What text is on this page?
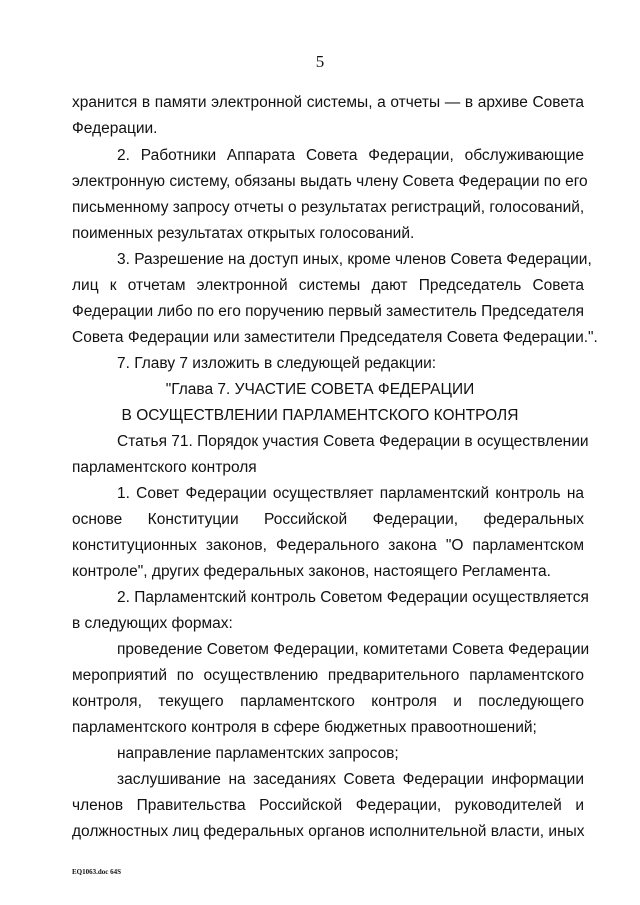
5
хранится в памяти электронной системы, а отчеты — в архиве Совета
Федерации.
2. Работники Аппарата Совета Федерации, обслуживающие
электронную систему, обязаны выдать члену Совета Федерации по его
письменному запросу отчеты о результатах регистраций, голосований,
поименных результатах открытых голосований.
3. Разрешение на доступ иных, кроме членов Совета Федерации,
лиц к отчетам электронной системы дают Председатель Совета
Федерации либо по его поручению первый заместитель Председателя
Совета Федерации или заместители Председателя Совета Федерации.".
7. Главу 7 изложить в следующей редакции:
"Глава 7. УЧАСТИЕ СОВЕТА ФЕДЕРАЦИИ
В ОСУЩЕСТВЛЕНИИ ПАРЛАМЕНТСКОГО КОНТРОЛЯ
Статья 71. Порядок участия Совета Федерации в осуществлении
парламентского контроля
1. Совет Федерации осуществляет парламентский контроль на
основе Конституции Российской Федерации, федеральных
конституционных законов, Федерального закона "О парламентском
контроле", других федеральных законов, настоящего Регламента.
2. Парламентский контроль Советом Федерации осуществляется
в следующих формах:
проведение Советом Федерации, комитетами Совета Федерации
мероприятий по осуществлению предварительного парламентского
контроля, текущего парламентского контроля и последующего
парламентского контроля в сфере бюджетных правоотношений;
направление парламентских запросов;
заслушивание на заседаниях Совета Федерации информации
членов Правительства Российской Федерации, руководителей и
должностных лиц федеральных органов исполнительной власти, иных
EQ1063.doc 64S
